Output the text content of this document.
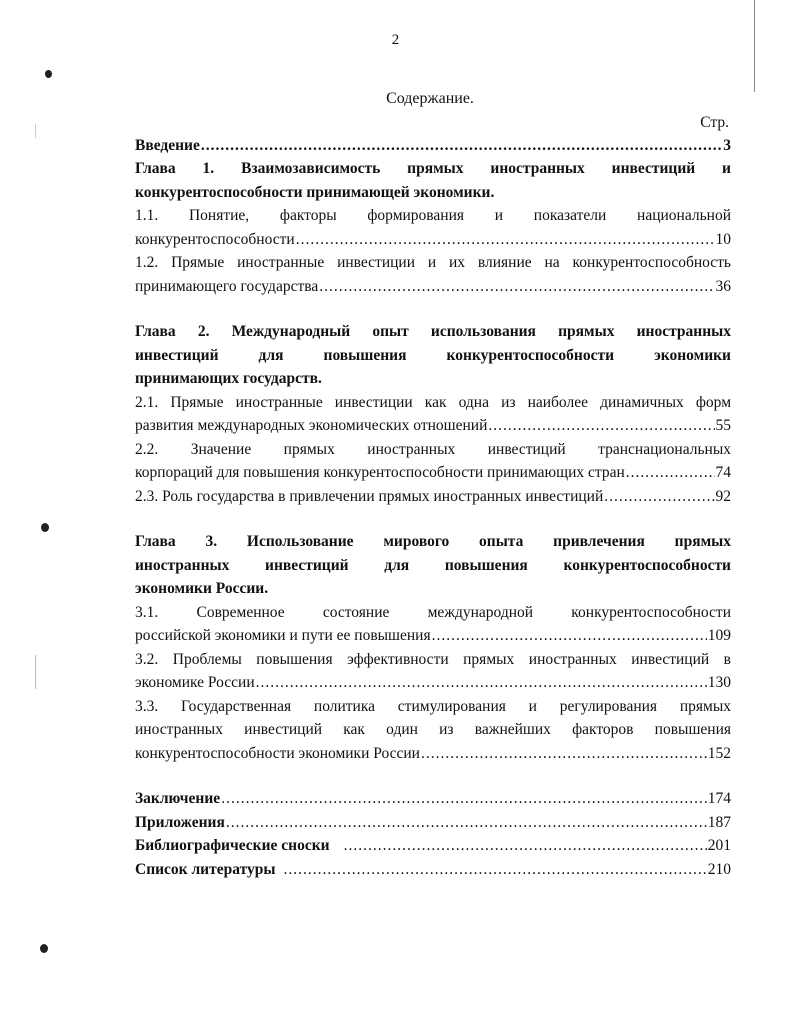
2
Содержание.
Стр.
Введение .....	3
Глава 1. Взаимозависимость прямых иностранных инвестиций и
конкурентоспособности принимающей экономики.
1.1. Понятие, факторы формирования и показатели национальной
конкурентоспособности .....	10
1.2. Прямые иностранные инвестиции и их влияние на конкурентоспособность
принимающего государства .....	36
Глава 2. Международный опыт использования прямых иностранных
инвестиций для повышения конкурентоспособности экономики
принимающих государств.
2.1. Прямые иностранные инвестиции как одна из наиболее динамичных форм
развития международных экономических отношений .....	55
2.2. Значение прямых иностранных инвестиций транснациональных
корпораций для повышения конкурентоспособности принимающих стран .....	74
2.3. Роль государства в привлечении прямых иностранных инвестиций .....	92
Глава 3. Использование мирового опыта привлечения прямых
иностранных инвестиций для повышения конкурентоспособности
экономики России.
3.1. Современное состояние международной конкурентоспособности
российской экономики и пути ее повышения .....	109
3.2. Проблемы повышения эффективности прямых иностранных инвестиций в
экономике России .....	130
3.3. Государственная политика стимулирования и регулирования прямых
иностранных инвестиций как один из важнейших факторов повышения
конкурентоспособности экономики России .....	152
Заключение .....	174
Приложения .....	187
Библиографические сноски .....	201
Список литературы .....	210
